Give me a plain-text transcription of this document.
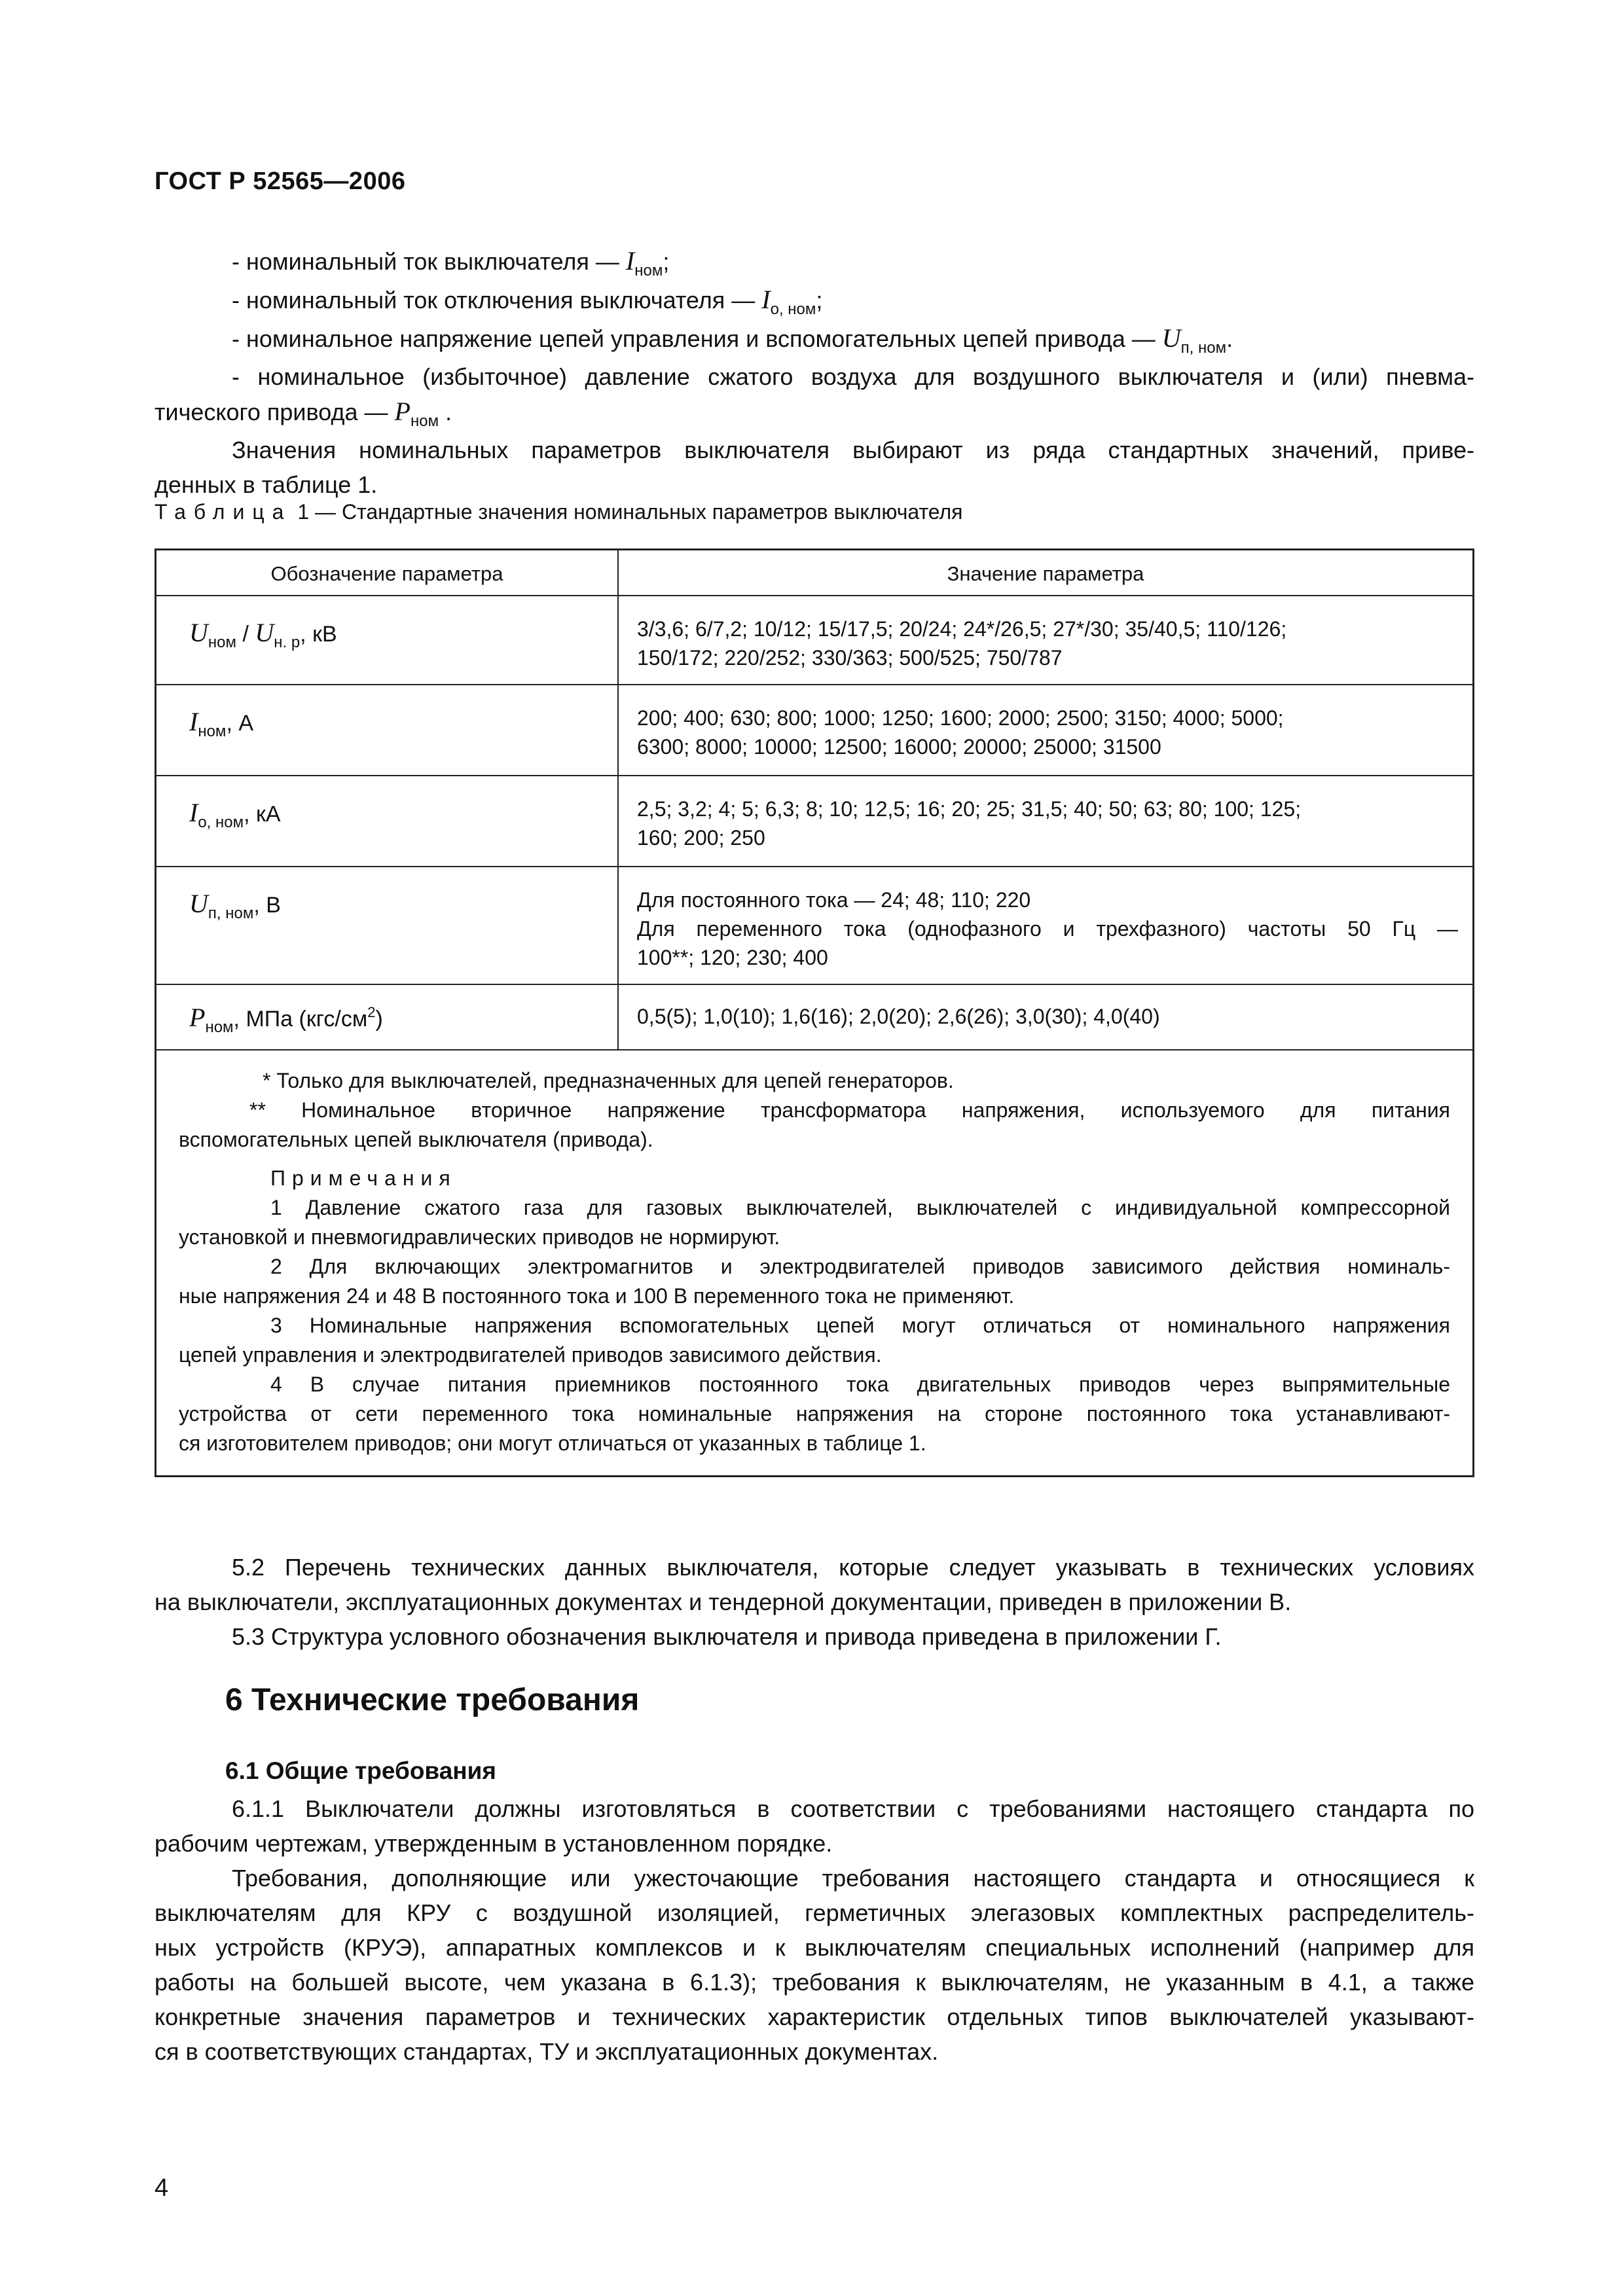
ГОСТ Р 52565—2006
- номинальный ток выключателя — $I_{ном}$;
- номинальный ток отключения выключателя — $I_{о, ном}$;
- номинальное напряжение цепей управления и вспомогательных цепей привода — $U_{п, ном}$.
- номинальное (избыточное) давление сжатого воздуха для воздушного выключателя и (или) пневма-
тического привода — $P_{ном}$ .
Значения номинальных параметров выключателя выбирают из ряда стандартных значений, приве-
денных в таблице 1.
Таблица 1 — Стандартные значения номинальных параметров выключателя
Обозначение параметра	Значение параметра
$U_{ном} / U_{н. р}$, кВ	3/3,6; 6/7,2; 10/12; 15/17,5; 20/24; 24*/26,5; 27*/30; 35/40,5; 110/126;
150/172; 220/252; 330/363; 500/525; 750/787
$I_{ном}$, А	200; 400; 630; 800; 1000; 1250; 1600; 2000; 2500; 3150; 4000; 5000;
6300; 8000; 10000; 12500; 16000; 20000; 25000; 31500
$I_{о, ном}$, кА	2,5; 3,2; 4; 5; 6,3; 8; 10; 12,5; 16; 20; 25; 31,5; 40; 50; 63; 80; 100; 125;
160; 200; 250
$U_{п, ном}$, В	Для постоянного тока — 24; 48; 110; 220
Для переменного тока (однофазного и трехфазного) частоты 50 Гц —
100**; 120; 230; 400
$P_{ном}$, МПа $(кгс/см^2)$	0,5(5); 1,0(10); 1,6(16); 2,0(20); 2,6(26); 3,0(30); 4,0(40)
* Только для выключателей, предназначенных для цепей генераторов.
** Номинальное вторичное напряжение трансформатора напряжения, используемого для питания
вспомогательных цепей выключателя (привода).
Примечания
1 Давление сжатого газа для газовых выключателей, выключателей с индивидуальной компрессорной
установкой и пневмогидравлических приводов не нормируют.
2 Для включающих электромагнитов и электродвигателей приводов зависимого действия номиналь-
ные напряжения 24 и 48 В постоянного тока и 100 В переменного тока не применяют.
3 Номинальные напряжения вспомогательных цепей могут отличаться от номинального напряжения
цепей управления и электродвигателей приводов зависимого действия.
4 В случае питания приемников постоянного тока двигательных приводов через выпрямительные
устройства от сети переменного тока номинальные напряжения на стороне постоянного тока устанавливают-
ся изготовителем приводов; они могут отличаться от указанных в таблице 1.
5.2 Перечень технических данных выключателя, которые следует указывать в технических условиях
на выключатели, эксплуатационных документах и тендерной документации, приведен в приложении В.
5.3 Структура условного обозначения выключателя и привода приведена в приложении Г.
6 Технические требования
6.1 Общие требования
6.1.1 Выключатели должны изготовляться в соответствии с требованиями настоящего стандарта по
рабочим чертежам, утвержденным в установленном порядке.
Требования, дополняющие или ужесточающие требования настоящего стандарта и относящиеся к
выключателям для КРУ с воздушной изоляцией, герметичных элегазовых комплектных распределитель-
ных устройств (КРУЭ), аппаратных комплексов и к выключателям специальных исполнений (например для
работы на большей высоте, чем указана в 6.1.3); требования к выключателям, не указанным в 4.1, а также
конкретные значения параметров и технических характеристик отдельных типов выключателей указывают-
ся в соответствующих стандартах, ТУ и эксплуатационных документах.
4
